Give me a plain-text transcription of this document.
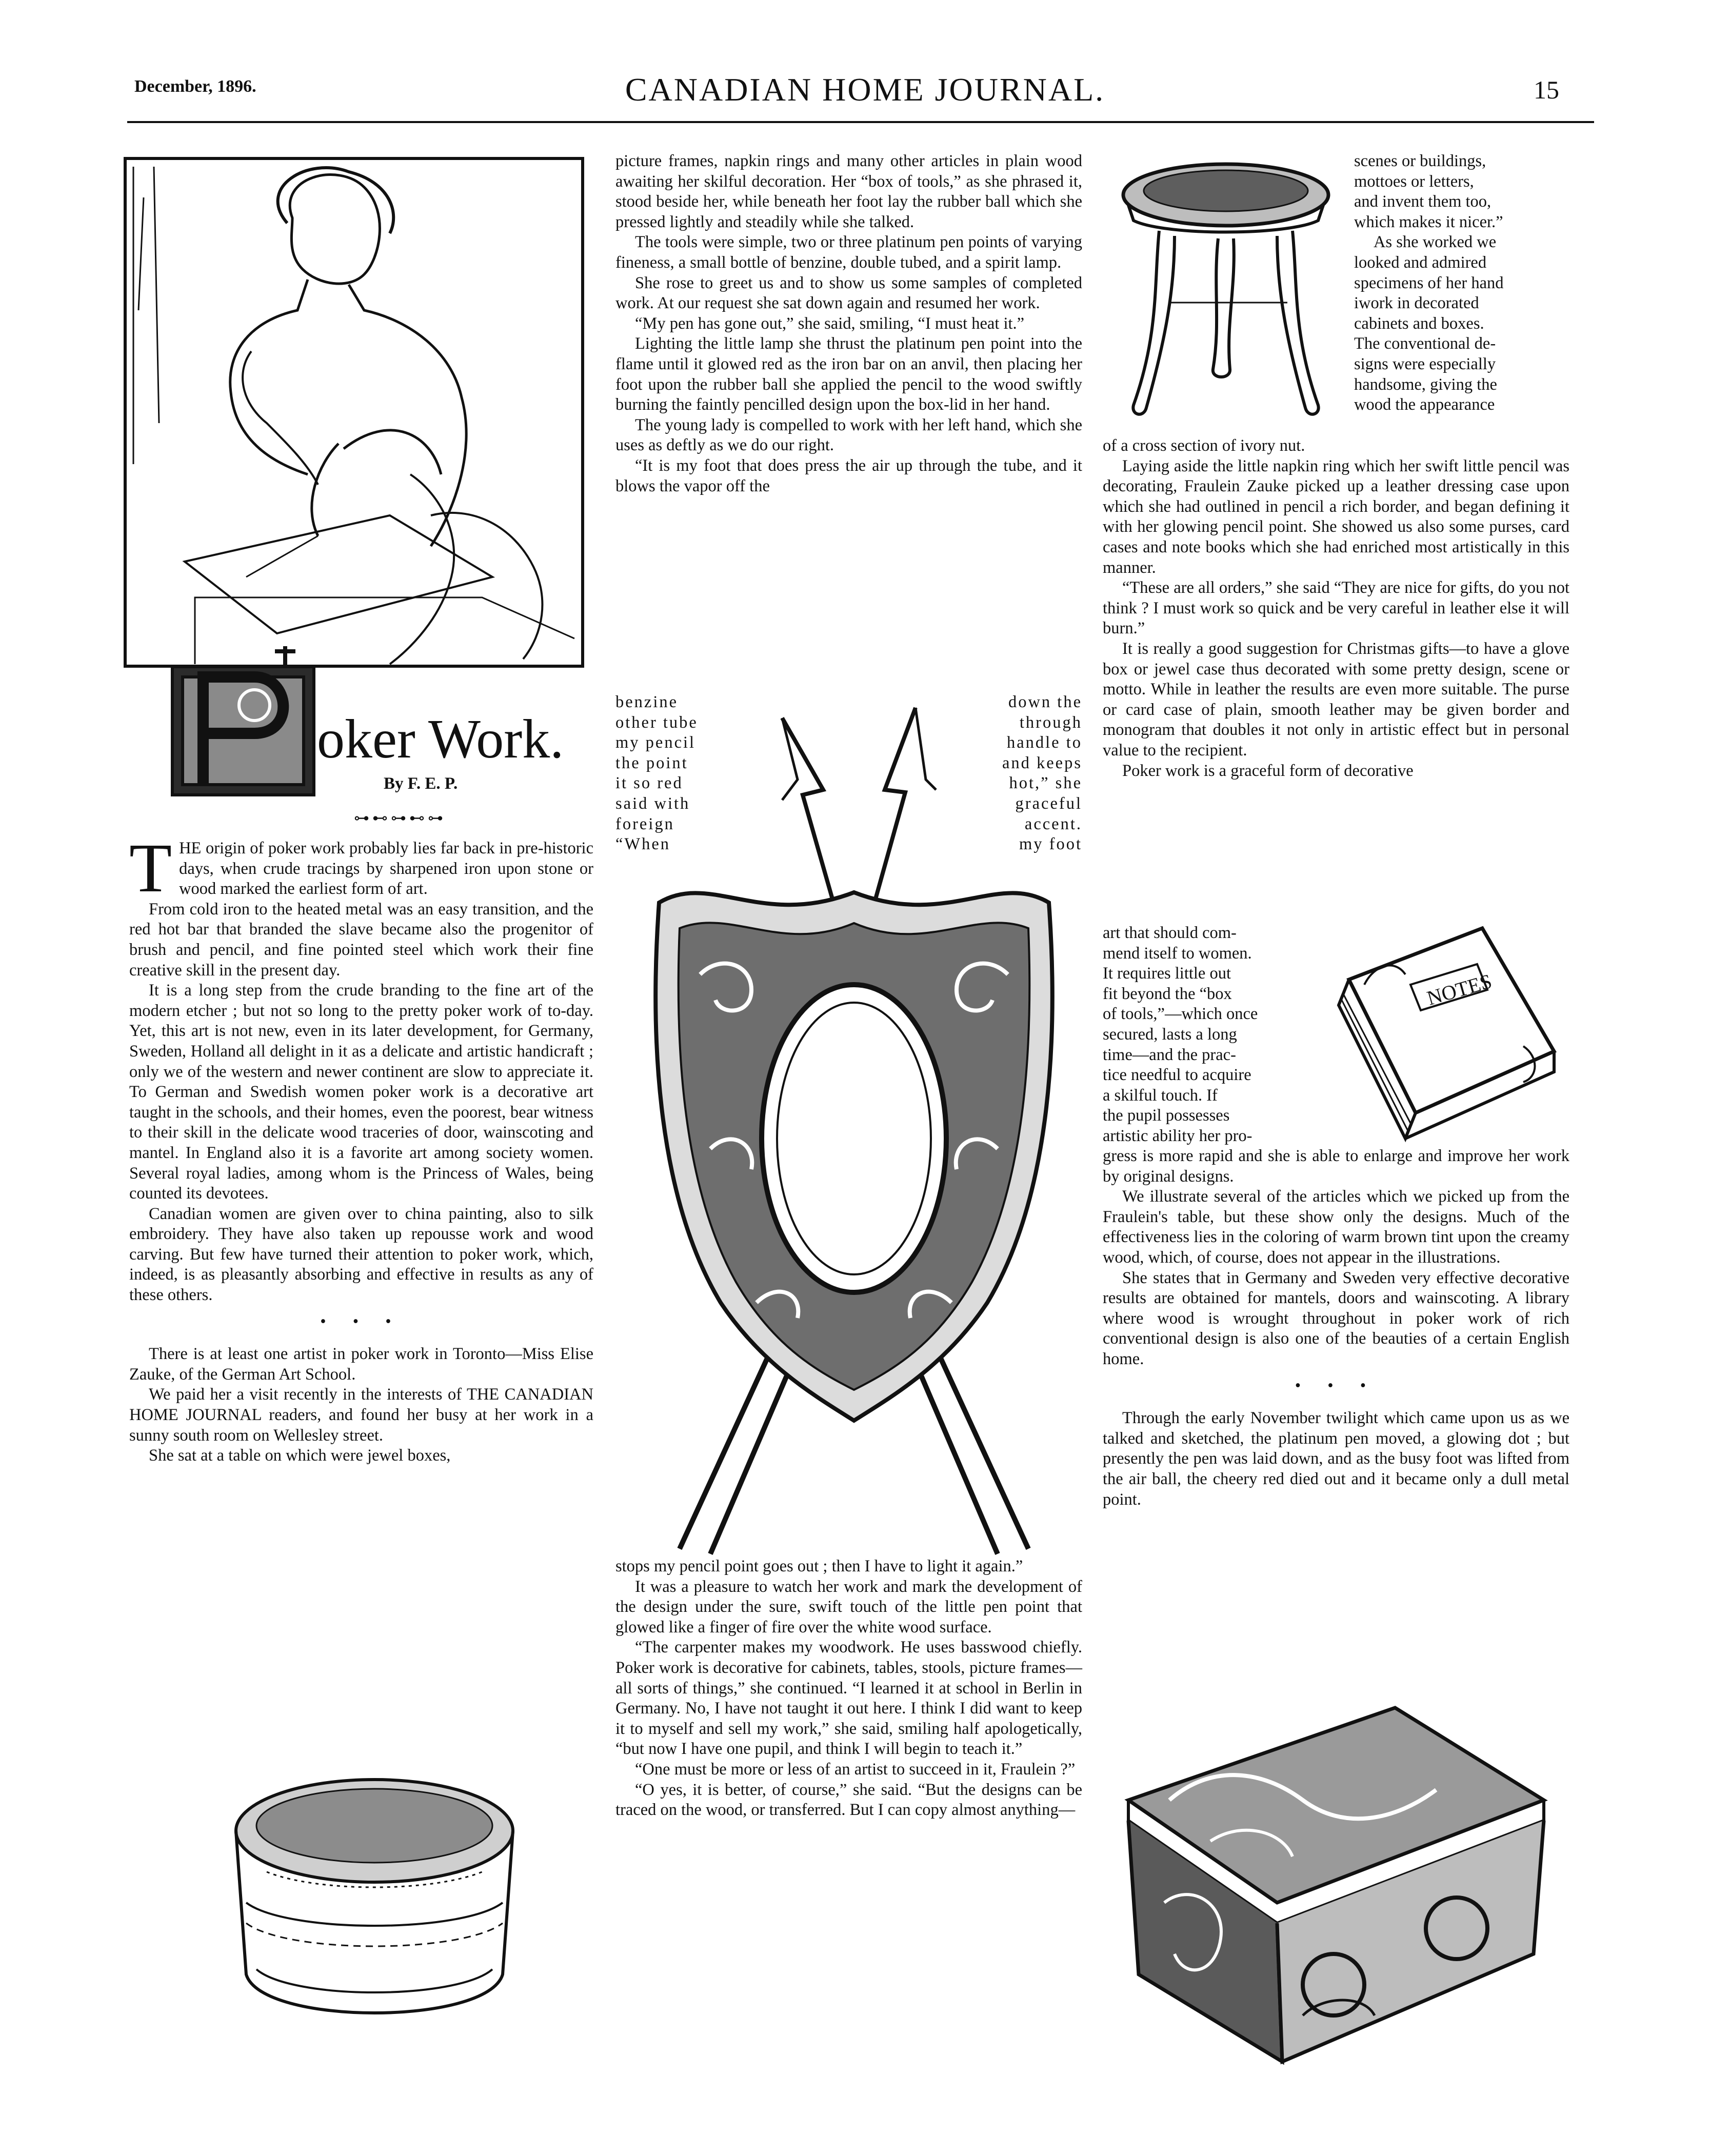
December, 1896.	CANADIAN HOME JOURNAL.	15
oker Work.
By F. E. P.
⊶⊷⊶⊷⊶
T HE origin of poker work probably lies far back in pre-historic days, when crude tracings by sharpened iron upon stone or wood marked the earliest form of art.

From cold iron to the heated metal was an easy transition, and the red hot bar that branded the slave became also the progenitor of brush and pencil, and fine pointed steel which work their fine creative skill in the present day.

It is a long step from the crude branding to the fine art of the modern etcher ; but not so long to the pretty poker work of to-day. Yet, this art is not new, even in its later development, for Germany, Sweden, Holland all delight in it as a delicate and artistic handicraft ; only we of the western and newer continent are slow to appreciate it. To German and Swedish women poker work is a decorative art taught in the schools, and their homes, even the poorest, bear witness to their skill in the delicate wood traceries of door, wainscoting and mantel. In England also it is a favorite art among society women. Several royal ladies, among whom is the Princess of Wales, being counted its devotees.

Canadian women are given over to china painting, also to silk embroidery. They have also taken up repousse work and wood carving. But few have turned their attention to poker work, which, indeed, is as pleasantly absorbing and effective in results as any of these others.

• • •

There is at least one artist in poker work in Toronto—Miss Elise Zauke, of the German Art School.

We paid her a visit recently in the interests of THE CANADIAN HOME JOURNAL readers, and found her busy at her work in a sunny south room on Wellesley street.

She sat at a table on which were jewel boxes,

picture frames, napkin rings and many other articles in plain wood awaiting her skilful decoration. Her “box of tools,” as she phrased it, stood beside her, while beneath her foot lay the rubber ball which she pressed lightly and steadily while she talked.

The tools were simple, two or three platinum pen points of varying fineness, a small bottle of benzine, double tubed, and a spirit lamp.

She rose to greet us and to show us some samples of completed work. At our request she sat down again and resumed her work.

“My pen has gone out,” she said, smiling, “I must heat it.”

Lighting the little lamp she thrust the platinum pen point into the flame until it glowed red as the iron bar on an anvil, then placing her foot upon the rubber ball she applied the pencil to the wood swiftly burning the faintly pencilled design upon the box-lid in her hand.

The young lady is compelled to work with her left hand, which she uses as deftly as we do our right.

“It is my foot that does press the air up through the tube, and it blows the vapor off the

benzine
other tube
my pencil
the point
it so red
said with
foreign
“When
down the
through
handle to
and keeps
hot,” she
graceful
accent.
my foot

stops my pencil point goes out ; then I have to light it again.”

It was a pleasure to watch her work and mark the development of the design under the sure, swift touch of the little pen point that glowed like a finger of fire over the white wood surface.

“The carpenter makes my woodwork. He uses basswood chiefly. Poker work is decorative for cabinets, tables, stools, picture frames—all sorts of things,” she continued. “I learned it at school in Berlin in Germany. No, I have not taught it out here. I think I did want to keep it to myself and sell my work,” she said, smiling half apologetically, “but now I have one pupil, and think I will begin to teach it.”

“One must be more or less of an artist to succeed in it, Fraulein ?”

“O yes, it is better, of course,” she said. “But the designs can be traced on the wood, or transferred. But I can copy almost anything—

scenes or buildings,
mottoes or letters,
and invent them too,
which makes it nicer.”
As she worked we
looked and admired
specimens of her hand
iwork in decorated
cabinets and boxes.
The conventional de-
signs were especially
handsome, giving the
wood the appearance

of a cross section of ivory nut.

Laying aside the little napkin ring which her swift little pencil was decorating, Fraulein Zauke picked up a leather dressing case upon which she had outlined in pencil a rich border, and began defining it with her glowing pencil point. She showed us also some purses, card cases and note books which she had enriched most artistically in this manner.

“These are all orders,” she said “They are nice for gifts, do you not think ? I must work so quick and be very careful in leather else it will burn.”

It is really a good suggestion for Christmas gifts—to have a glove box or jewel case thus decorated with some pretty design, scene or motto. While in leather the results are even more suitable. The purse or card case of plain, smooth leather may be given border and monogram that doubles it not only in artistic effect but in personal value to the recipient.

Poker work is a graceful form of decorative

art that should com-
mend itself to women.
It requires little out
fit beyond the “box
of tools,”—which once
secured, lasts a long
time—and the prac-
tice needful to acquire
a skilful touch. If
the pupil possesses
artistic ability her pro-
NOTES

gress is more rapid and she is able to enlarge and improve her work by original designs.

We illustrate several of the articles which we picked up from the Fraulein's table, but these show only the designs. Much of the effectiveness lies in the coloring of warm brown tint upon the creamy wood, which, of course, does not appear in the illustrations.

She states that in Germany and Sweden very effective decorative results are obtained for mantels, doors and wainscoting. A library where wood is wrought throughout in poker work of rich conventional design is also one of the beauties of a certain English home.

• • •

Through the early November twilight which came upon us as we talked and sketched, the platinum pen moved, a glowing dot ; but presently the pen was laid down, and as the busy foot was lifted from the air ball, the cheery red died out and it became only a dull metal point.
